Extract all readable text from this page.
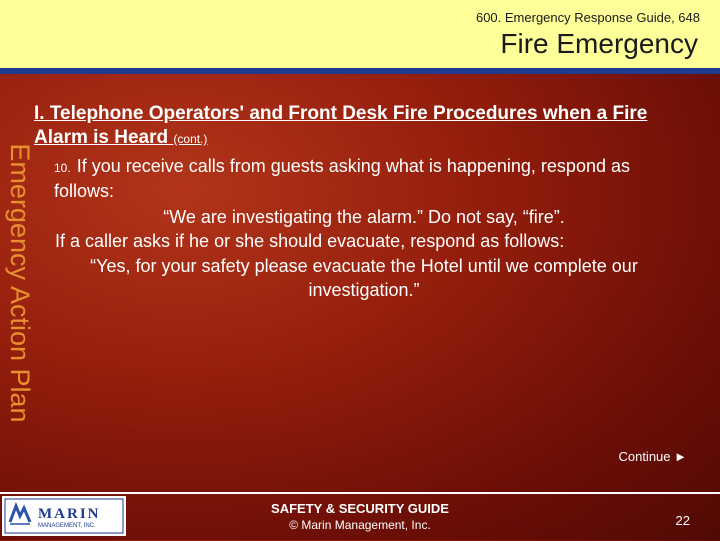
600. Emergency Response Guide, 648
Fire Emergency
Emergency Action Plan

I. Telephone Operators' and Front Desk Fire Procedures when a Fire Alarm is Heard (cont.)

10. If you receive calls from guests asking what is happening, respond as follows:
“We are investigating the alarm.” Do not say, “fire”.
If a caller asks if he or she should evacuate, respond as follows:
“Yes, for your safety please evacuate the Hotel until we complete our investigation.”
Continue ►
MARIN
MANAGEMENT, INC.
SAFETY & SECURITY GUIDE
© Marin Management, Inc.	22
